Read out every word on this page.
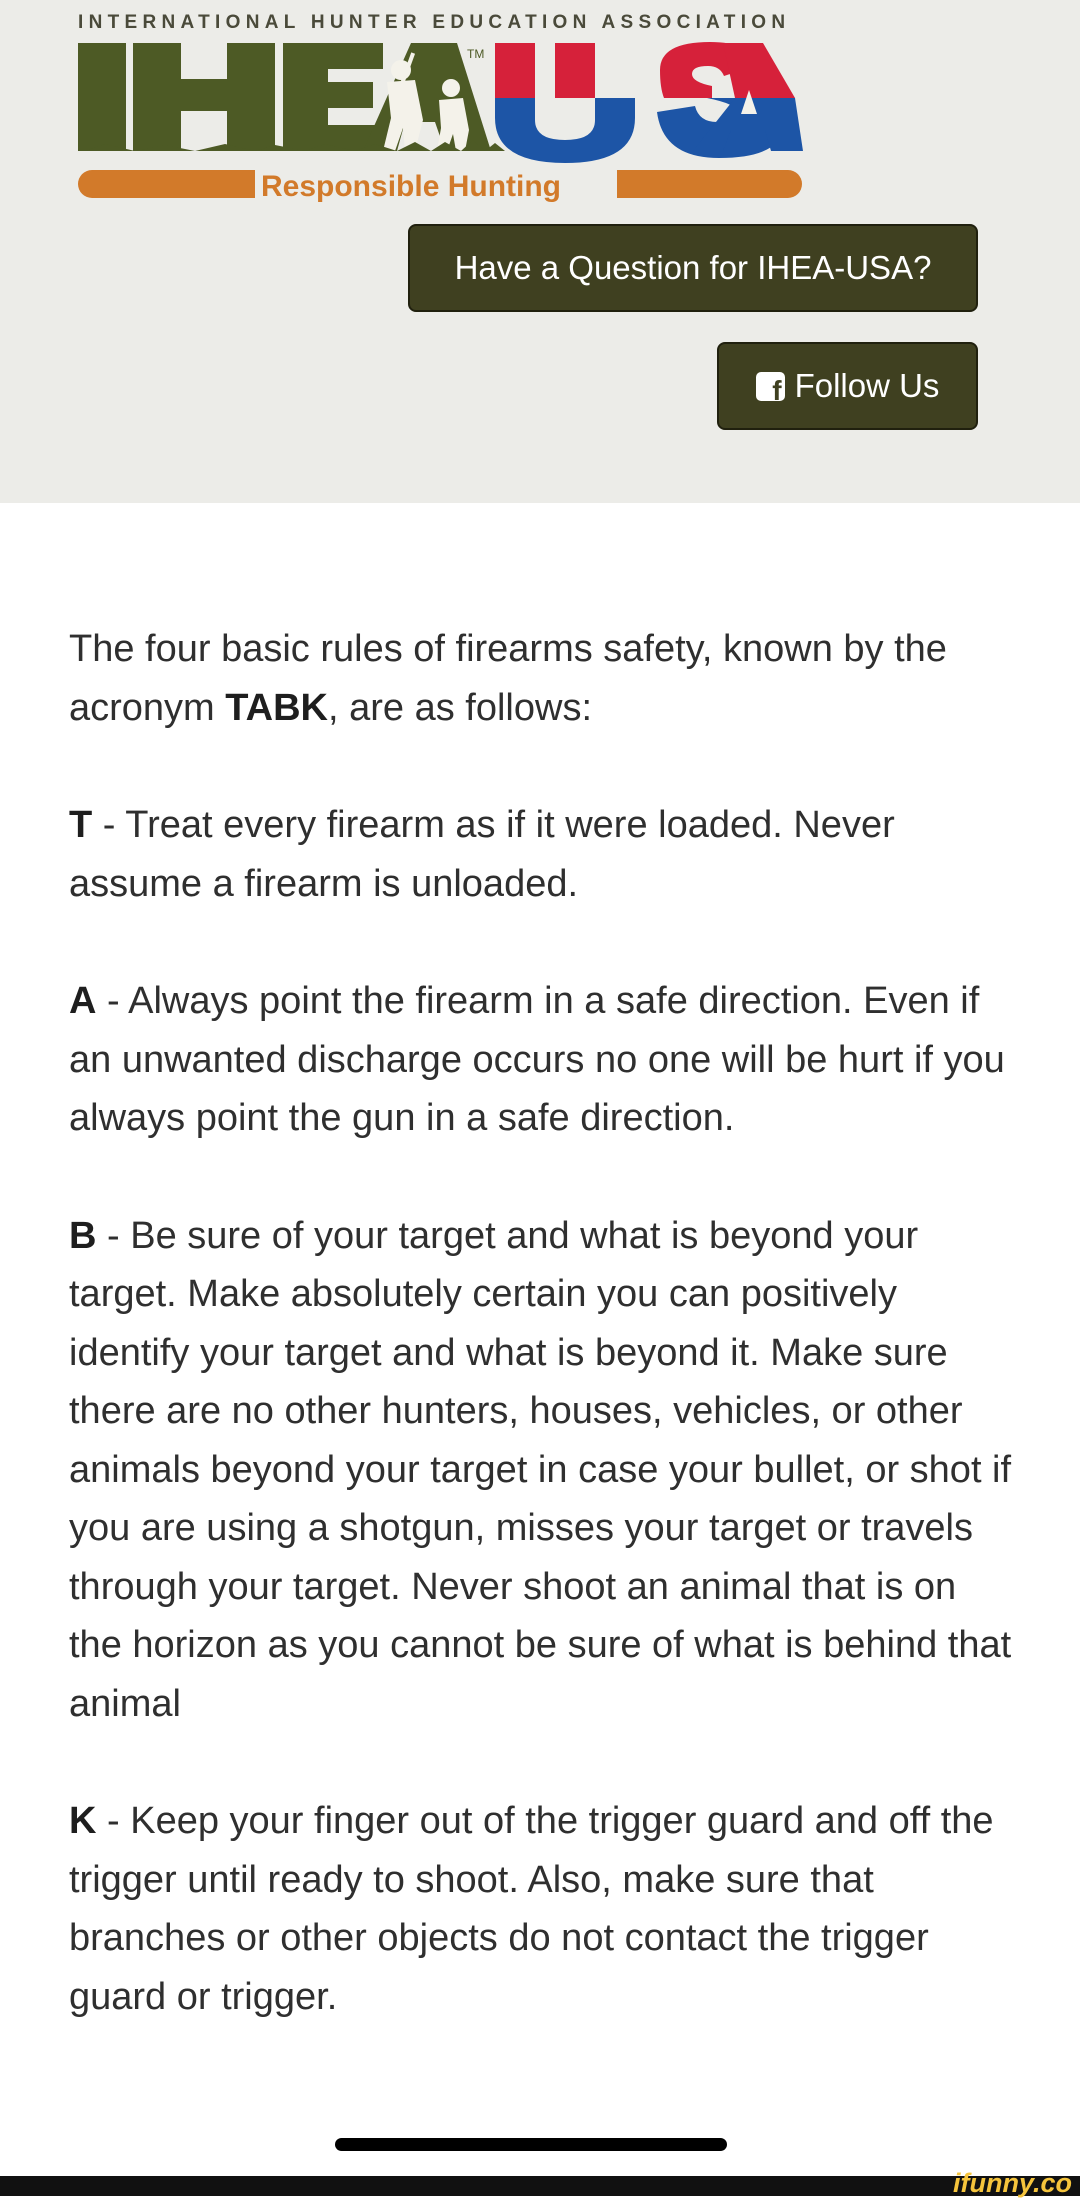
INTERNATIONAL HUNTER EDUCATION ASSOCIATION
TM
Responsible Hunting
Have a Question for IHEA-USA?
f Follow Us

The four basic rules of firearms safety, known by the acronym TABK, are as follows:

T - Treat every firearm as if it were loaded. Never assume a firearm is unloaded.

A - Always point the firearm in a safe direction. Even if an unwanted discharge occurs no one will be hurt if you always point the gun in a safe direction.

B - Be sure of your target and what is beyond your target. Make absolutely certain you can positively identify your target and what is beyond it. Make sure there are no other hunters, houses, vehicles, or other animals beyond your target in case your bullet, or shot if you are using a shotgun, misses your target or travels through your target. Never shoot an animal that is on the horizon as you cannot be sure of what is behind that animal

K - Keep your finger out of the trigger guard and off the trigger until ready to shoot. Also, make sure that branches or other objects do not contact the trigger guard or trigger.

ifunny.co
